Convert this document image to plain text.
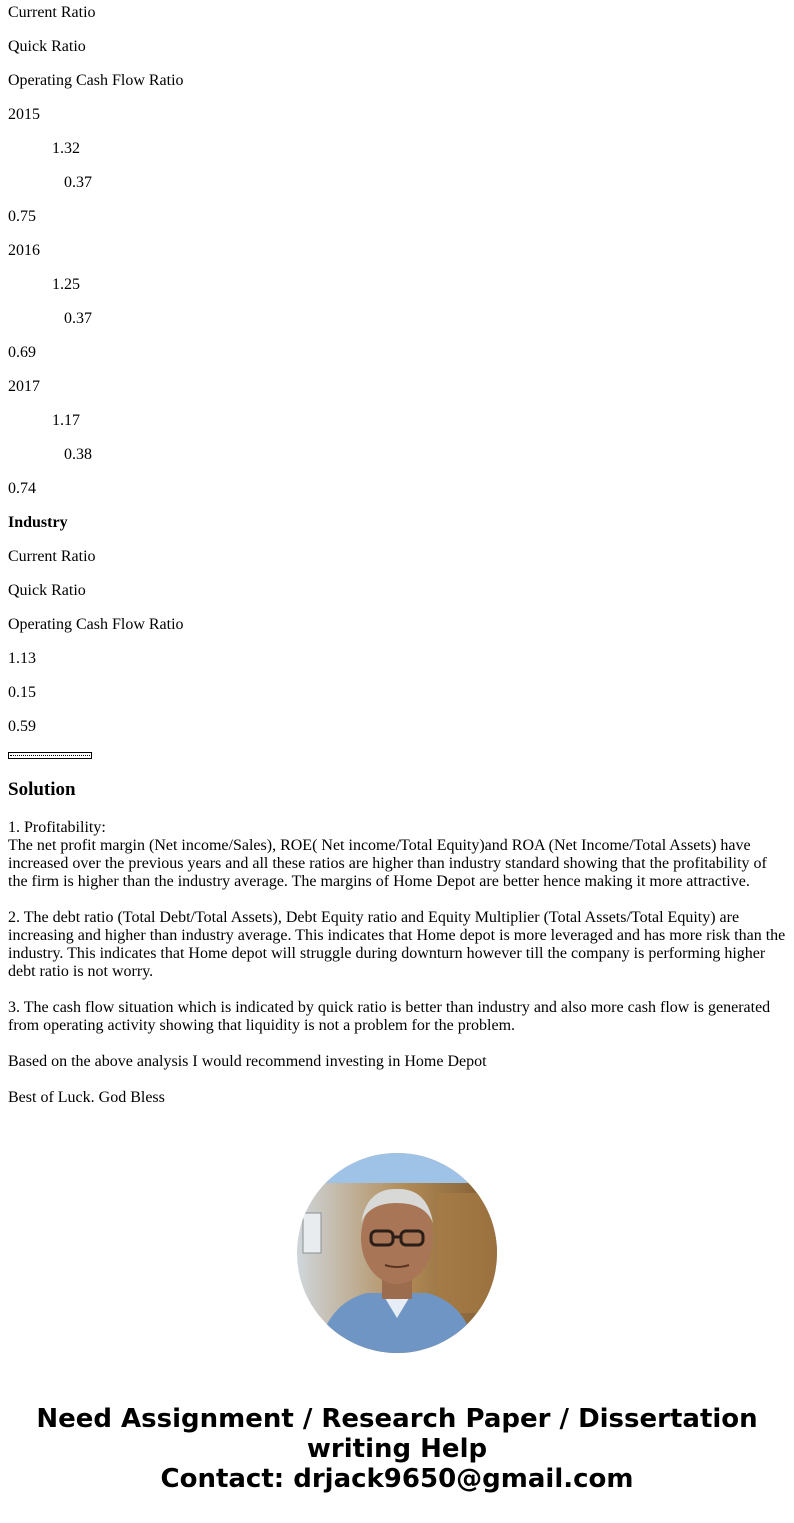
Current Ratio

Quick Ratio

Operating Cash Flow Ratio

2015

1.32

0.37

0.75

2016

1.25

0.37

0.69

2017

1.17

0.38

0.74

Industry

Current Ratio

Quick Ratio

Operating Cash Flow Ratio

1.13

0.15

0.59

Solution

1. Profitability:

The net profit margin (Net income/Sales), ROE( Net income/Total Equity)and ROA (Net Income/Total Assets) have increased over the previous years and all these ratios are higher than industry standard showing that the profitability of the firm is higher than the industry average. The margins of Home Depot are better hence making it more attractive.

2. The debt ratio (Total Debt/Total Assets), Debt Equity ratio and Equity Multiplier (Total Assets/Total Equity) are increasing and higher than industry average. This indicates that Home depot is more leveraged and has more risk than the industry. This indicates that Home depot will struggle during downturn however till the company is performing higher debt ratio is not worry.

3. The cash flow situation which is indicated by quick ratio is better than industry and also more cash flow is generated from operating activity showing that liquidity is not a problem for the problem.

Based on the above analysis I would recommend investing in Home Depot

Best of Luck. God Bless

Need Assignment / Research Paper / Dissertation

writing Help

Contact: drjack9650@gmail.com
